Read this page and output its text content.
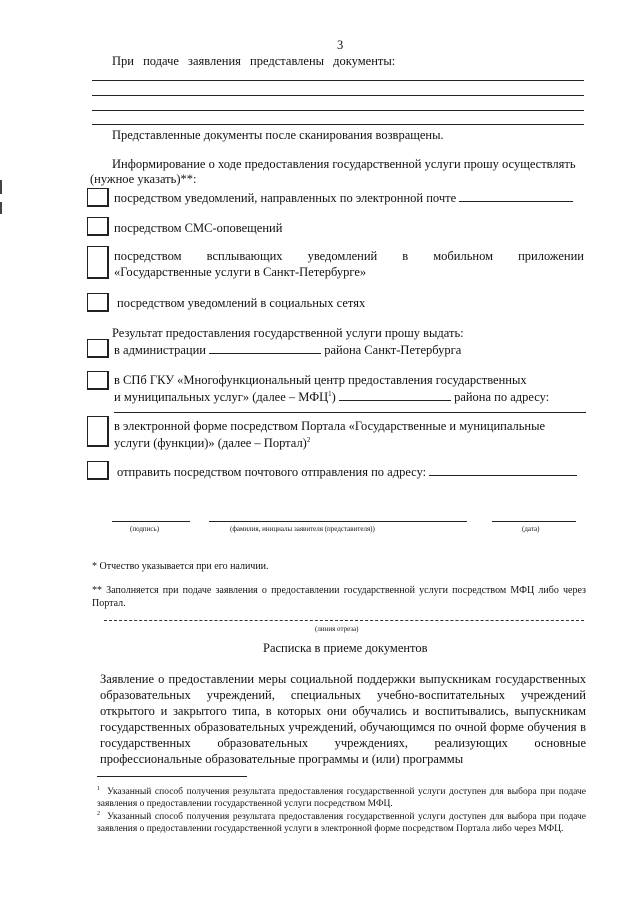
3
При подаче заявления представлены документы:
Представленные документы после сканирования возвращены.
Информирование о ходе предоставления государственной услуги прошу осуществлять
(нужное указать)**:
посредством уведомлений, направленных по электронной почте
посредством СМС-оповещений
посредством всплывающих уведомлений в мобильном приложении
«Государственные услуги в Санкт-Петербурге»
посредством уведомлений в социальных сетях
Результат предоставления государственной услуги прошу выдать:
в администрации	района Санкт-Петербурга
в СПб ГКУ «Многофункциональный центр предоставления государственных
и муниципальных услуг» (далее – МФЦ$^1$)	района по адресу:
в электронной форме посредством Портала «Государственные и муниципальные
услуги (функции)» (далее – Портал)$^2$
отправить посредством почтового отправления по адресу:
(подпись)	(фамилия, инициалы заявителя (представителя))	(дата)
* Отчество указывается при его наличии.
** Заполняется при подаче заявления о предоставлении государственной услуги посредством МФЦ либо через Портал.
(линия отреза)
Расписка в приеме документов
Заявление о предоставлении меры социальной поддержки выпускникам государственных образовательных учреждений, специальных учебно-воспитательных учреждений открытого и закрытого типа, в которых они обучались и воспитывались, выпускникам государственных образовательных учреждений, обучающимся по очной форме обучения в государственных образовательных учреждениях, реализующих основные профессиональные образовательные программы и (или) программы
$^1$ Указанный способ получения результата предоставления государственной услуги доступен для выбора при подаче заявления о предоставлении государственной услуги посредством МФЦ.
$^2$ Указанный способ получения результата предоставления государственной услуги доступен для выбора при подаче заявления о предоставлении государственной услуги в электронной форме посредством Портала либо через МФЦ.
